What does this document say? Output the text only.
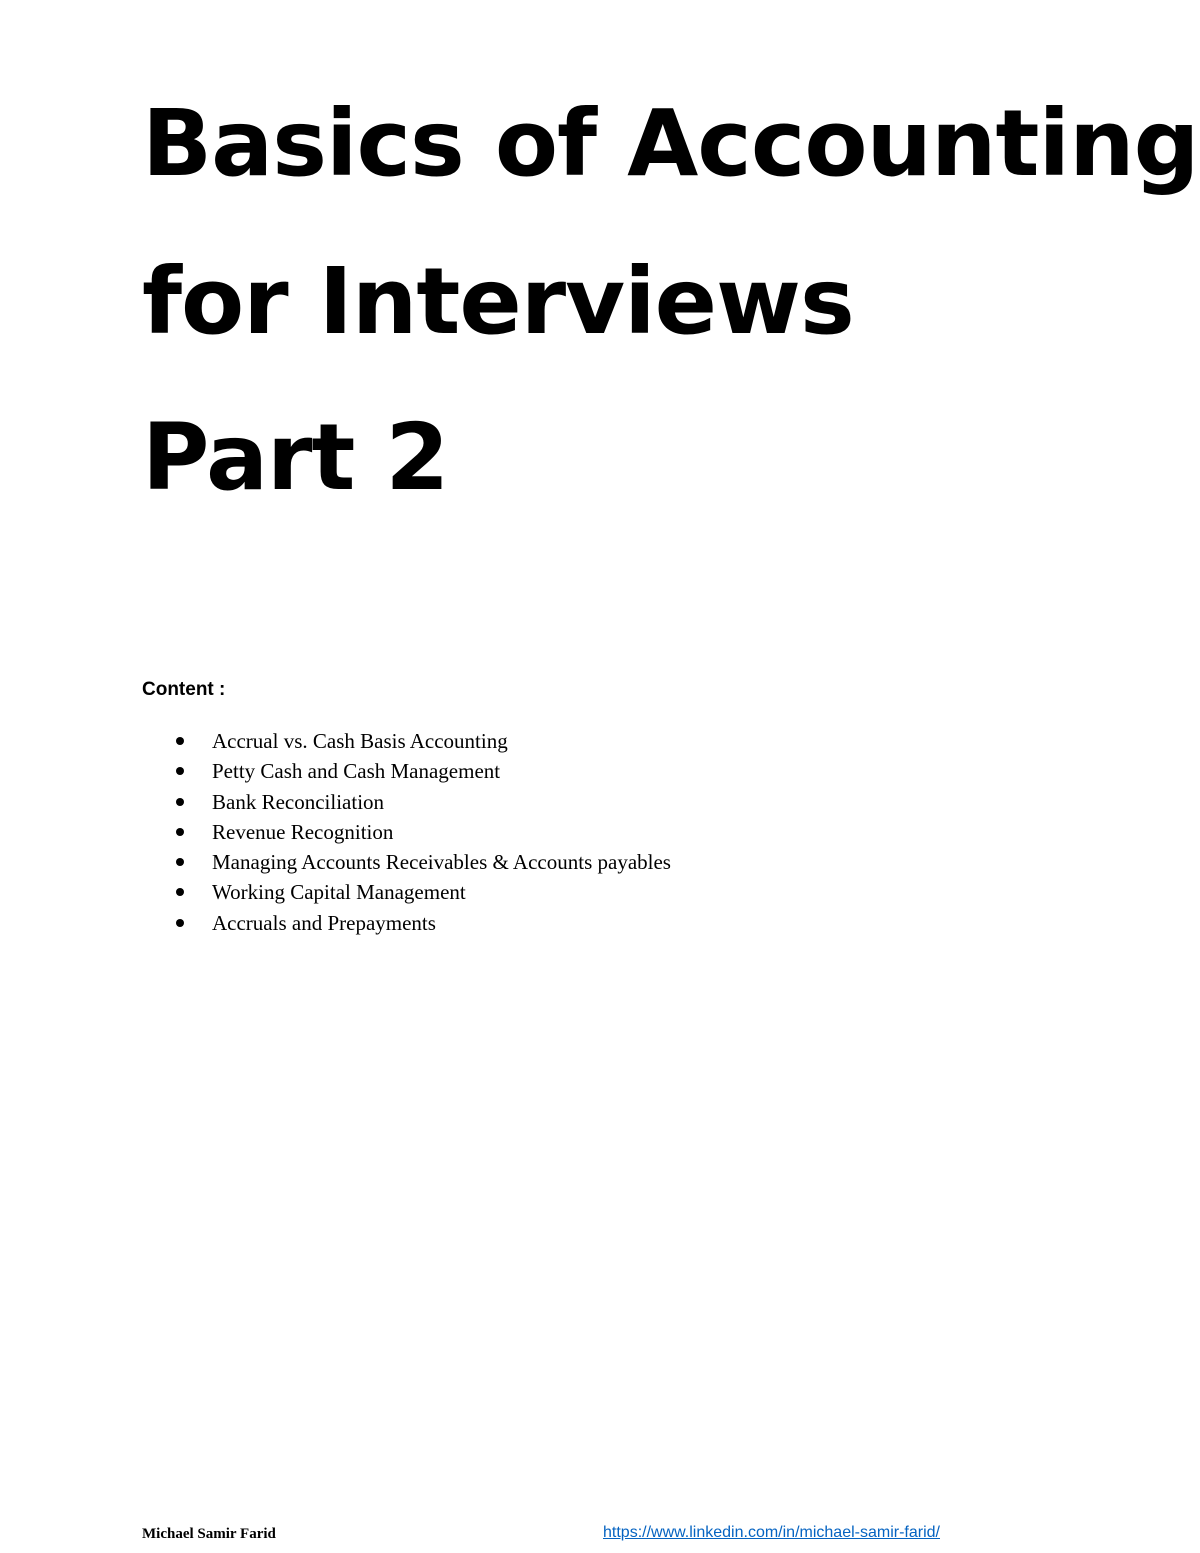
Basics of Accounting
for Interviews
Part 2
Content :
Accrual vs. Cash Basis Accounting
Petty Cash and Cash Management
Bank Reconciliation
Revenue Recognition
Managing Accounts Receivables & Accounts payables
Working Capital Management
Accruals and Prepayments
Michael Samir Farid	https://www.linkedin.com/in/michael-samir-farid/
